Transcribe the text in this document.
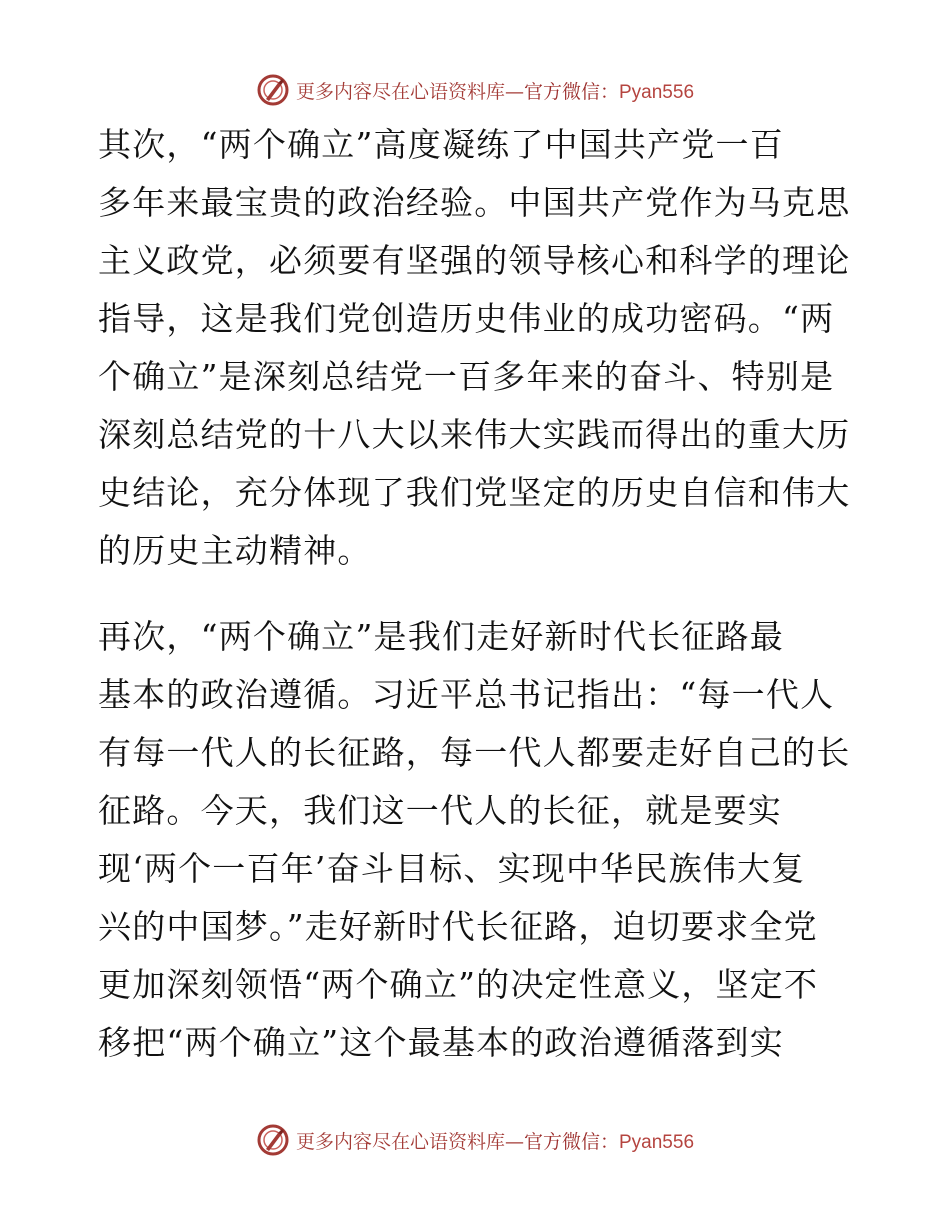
更多内容尽在心语资料库—官方微信：Pyan556

其次，“两个确立”高度凝练了中国共产党一百
多年来最宝贵的政治经验。中国共产党作为马克思
主义政党，必须要有坚强的领导核心和科学的理论
指导，这是我们党创造历史伟业的成功密码。“两
个确立”是深刻总结党一百多年来的奋斗、特别是
深刻总结党的十八大以来伟大实践而得出的重大历
史结论，充分体现了我们党坚定的历史自信和伟大
的历史主动精神。

再次，“两个确立”是我们走好新时代长征路最
基本的政治遵循。习近平总书记指出：“每一代人
有每一代人的长征路，每一代人都要走好自己的长
征路。今天，我们这一代人的长征，就是要实
现‘两个一百年’奋斗目标、实现中华民族伟大复
兴的中国梦。”走好新时代长征路，迫切要求全党
更加深刻领悟“两个确立”的决定性意义，坚定不
移把“两个确立”这个最基本的政治遵循落到实

更多内容尽在心语资料库—官方微信：Pyan556
